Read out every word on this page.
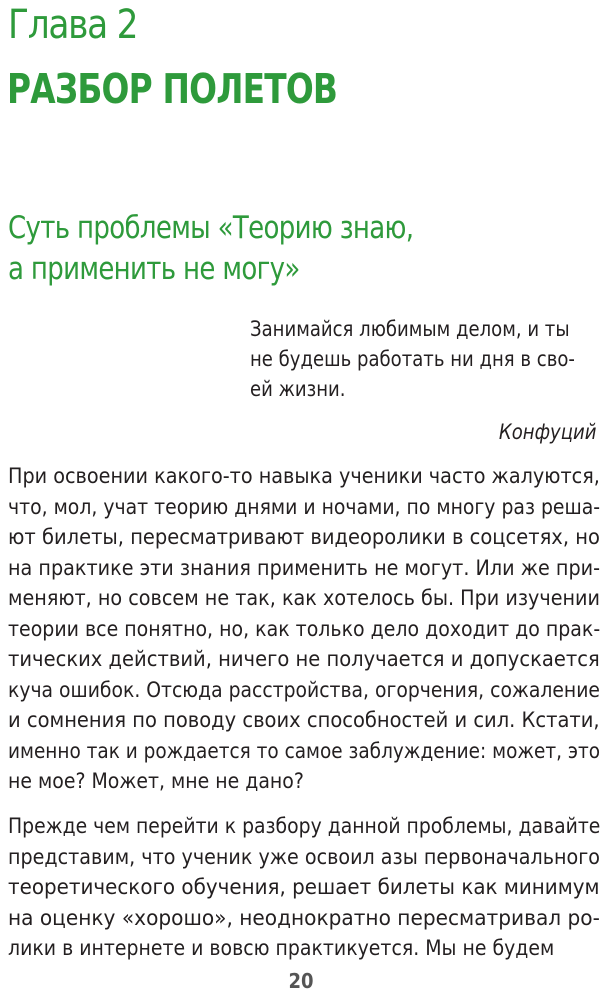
Глава 2
РАЗБОР ПОЛЕТОВ
Суть проблемы «Теорию знаю,
а применить не могу»
Занимайся любимым делом, и ты
не будешь работать ни дня в сво-
ей жизни.
Конфуций
При освоении какого-то навыка ученики часто жалуются,
что, мол, учат теорию днями и ночами, по многу раз реша-
ют билеты, пересматривают видеоролики в соцсетях, но
на практике эти знания применить не могут. Или же при-
меняют, но совсем не так, как хотелось бы. При изучении
теории все понятно, но, как только дело доходит до прак-
тических действий, ничего не получается и допускается
куча ошибок. Отсюда расстройства, огорчения, сожаление
и сомнения по поводу своих способностей и сил. Кстати,
именно так и рождается то самое заблуждение: может, это
не мое? Может, мне не дано?
Прежде чем перейти к разбору данной проблемы, давайте
представим, что ученик уже освоил азы первоначального
теоретического обучения, решает билеты как минимум
на оценку «хорошо», неоднократно пересматривал ро-
лики в интернете и вовсю практикуется. Мы не будем
20
